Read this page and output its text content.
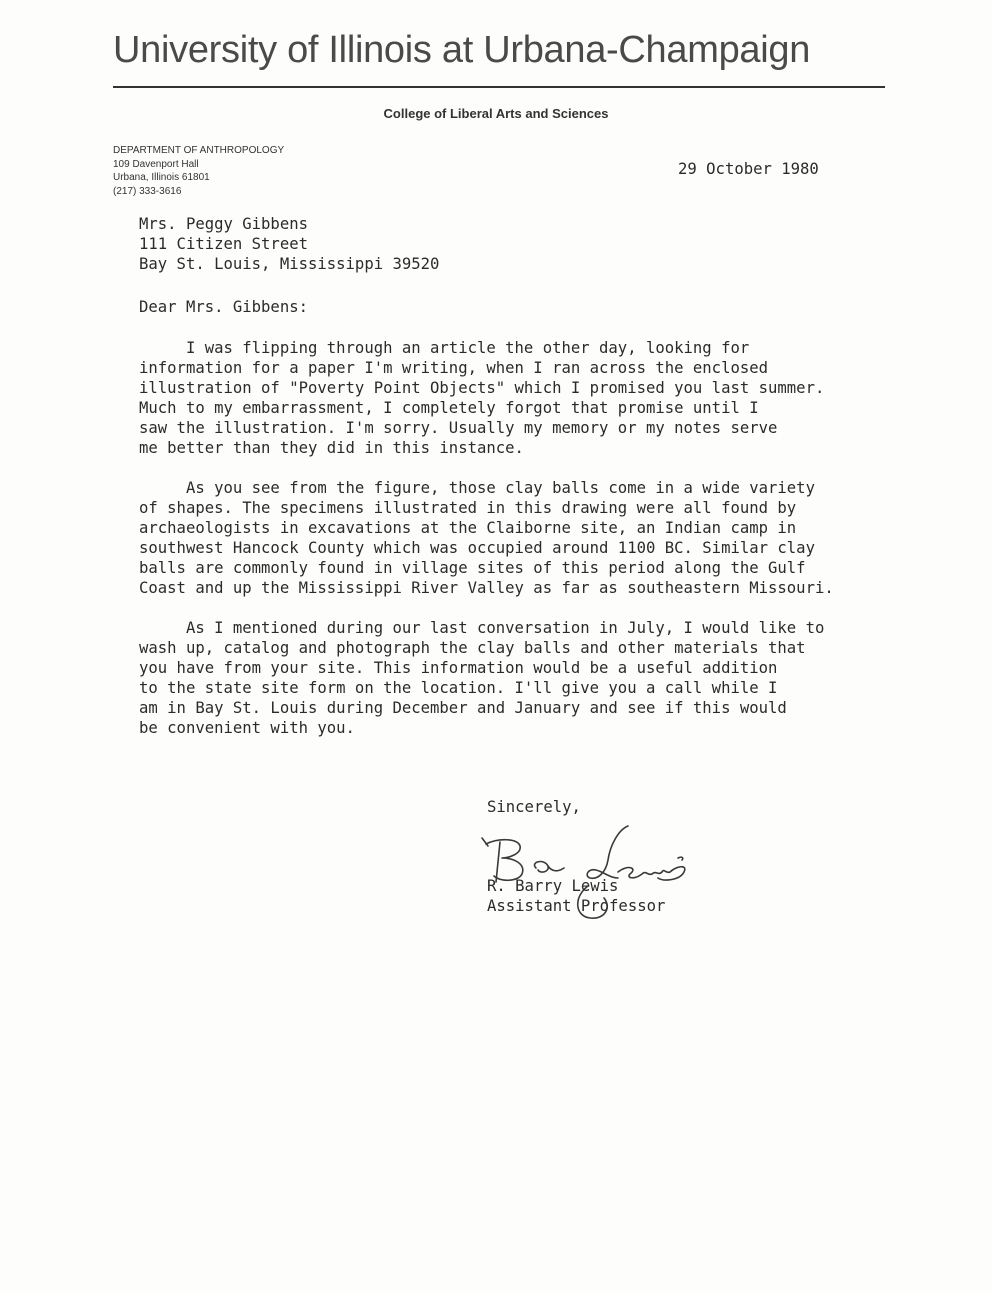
University of Illinois at Urbana-Champaign
College of Liberal Arts and Sciences
DEPARTMENT OF ANTHROPOLOGY
109 Davenport Hall
Urbana, Illinois 61801
(217) 333-3616
29 October 1980
Mrs. Peggy Gibbens
111 Citizen Street
Bay St. Louis, Mississippi 39520
Dear Mrs. Gibbens:
I was flipping through an article the other day, looking for
information for a paper I'm writing, when I ran across the enclosed
illustration of "Poverty Point Objects" which I promised you last summer.
Much to my embarrassment, I completely forgot that promise until I
saw the illustration. I'm sorry. Usually my memory or my notes serve
me better than they did in this instance.
As you see from the figure, those clay balls come in a wide variety
of shapes. The specimens illustrated in this drawing were all found by
archaeologists in excavations at the Claiborne site, an Indian camp in
southwest Hancock County which was occupied around 1100 BC. Similar clay
balls are commonly found in village sites of this period along the Gulf
Coast and up the Mississippi River Valley as far as southeastern Missouri.
As I mentioned during our last conversation in July, I would like to
wash up, catalog and photograph the clay balls and other materials that
you have from your site. This information would be a useful addition
to the state site form on the location. I'll give you a call while I
am in Bay St. Louis during December and January and see if this would
be convenient with you.
Sincerely,
R. Barry Lewis
Assistant Professor
